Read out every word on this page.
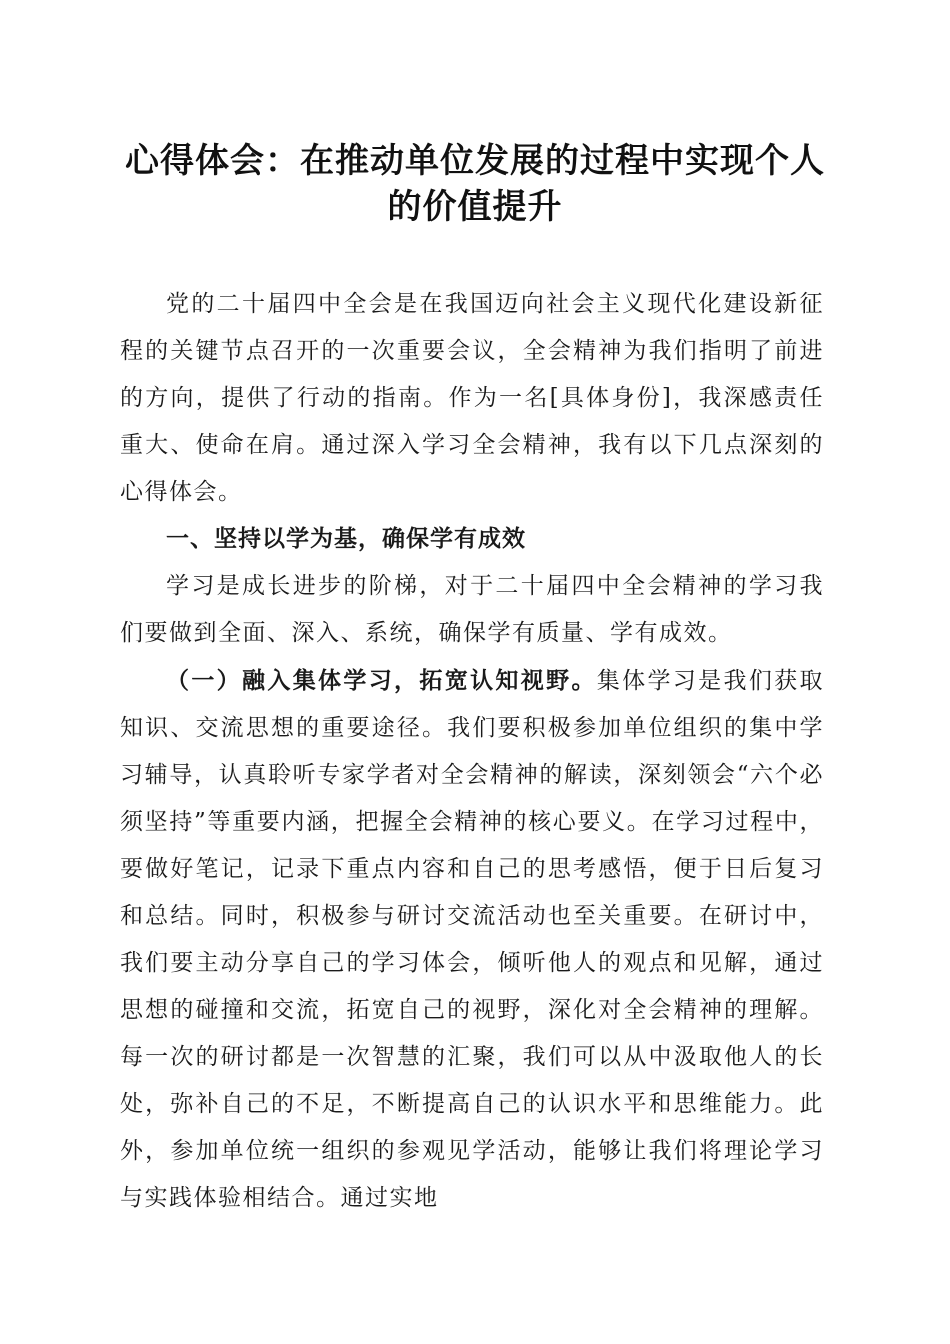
心得体会：在推动单位发展的过程中实现个人
的价值提升

党的二十届四中全会是在我国迈向社会主义现代化建设新征程的关键节点召开的一次重要会议，全会精神为我们指明了前进的方向，提供了行动的指南。作为一名[具体身份]，我深感责任重大、使命在肩。通过深入学习全会精神，我有以下几点深刻的心得体会。

一、坚持以学为基，确保学有成效

学习是成长进步的阶梯，对于二十届四中全会精神的学习我们要做到全面、深入、系统，确保学有质量、学有成效。

（一）融入集体学习，拓宽认知视野。集体学习是我们获取知识、交流思想的重要途径。我们要积极参加单位组织的集中学习辅导，认真聆听专家学者对全会精神的解读，深刻领会“六个必须坚持”等重要内涵，把握全会精神的核心要义。在学习过程中，要做好笔记，记录下重点内容和自己的思考感悟，便于日后复习和总结。同时，积极参与研讨交流活动也至关重要。在研讨中，我们要主动分享自己的学习体会，倾听他人的观点和见解，通过思想的碰撞和交流，拓宽自己的视野，深化对全会精神的理解。每一次的研讨都是一次智慧的汇聚，我们可以从中汲取他人的长处，弥补自己的不足，不断提高自己的认识水平和思维能力。此外，参加单位统一组织的参观见学活动，能够让我们将理论学习与实践体验相结合。通过实地
